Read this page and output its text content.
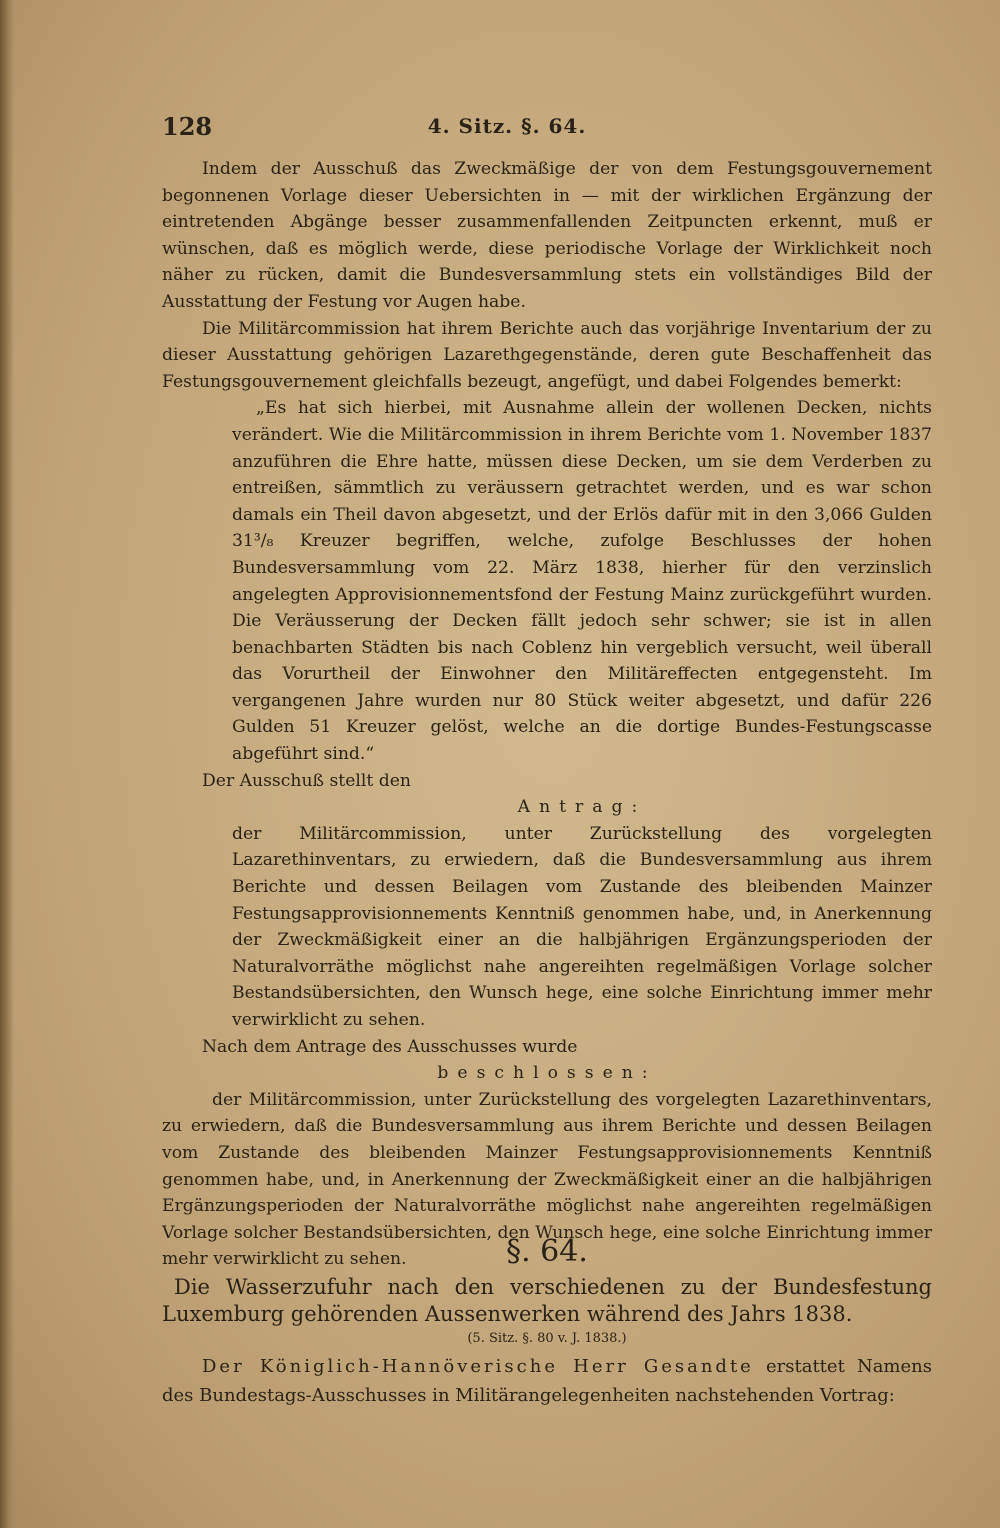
128	4. Sitz. §. 64.

Indem der Ausschuß das Zweckmäßige der von dem Festungsgouvernement begonnenen Vorlage dieser Uebersichten in — mit der wirklichen Ergänzung der eintretenden Abgänge besser zusammenfallenden Zeitpuncten erkennt, muß er wünschen, daß es möglich werde, diese periodische Vorlage der Wirklichkeit noch näher zu rücken, damit die Bundesversammlung stets ein vollständiges Bild der Ausstattung der Festung vor Augen habe.

Die Militärcommission hat ihrem Berichte auch das vorjährige Inventarium der zu dieser Ausstattung gehörigen Lazarethgegenstände, deren gute Beschaffenheit das Festungsgouvernement gleichfalls bezeugt, angefügt, und dabei Folgendes bemerkt:

„Es hat sich hierbei, mit Ausnahme allein der wollenen Decken, nichts verändert. Wie die Militärcommission in ihrem Berichte vom 1. November 1837 anzuführen die Ehre hatte, müssen diese Decken, um sie dem Verderben zu entreißen, sämmtlich zu veräussern getrachtet werden, und es war schon damals ein Theil davon abgesetzt, und der Erlös dafür mit in den 3,066 Gulden 31³/₈ Kreuzer begriffen, welche, zufolge Beschlusses der hohen Bundesversammlung vom 22. März 1838, hierher für den verzinslich angelegten Approvisionnementsfond der Festung Mainz zurückgeführt wurden. Die Veräusserung der Decken fällt jedoch sehr schwer; sie ist in allen benachbarten Städten bis nach Coblenz hin vergeblich versucht, weil überall das Vorurtheil der Einwohner den Militäreffecten entgegensteht. Im vergangenen Jahre wurden nur 80 Stück weiter abgesetzt, und dafür 226 Gulden 51 Kreuzer gelöst, welche an die dortige Bundes-Festungscasse abgeführt sind.“

Der Ausschuß stellt den

Antrag:

der Militärcommission, unter Zurückstellung des vorgelegten Lazarethinventars, zu erwiedern, daß die Bundesversammlung aus ihrem Berichte und dessen Beilagen vom Zustande des bleibenden Mainzer Festungsapprovisionnements Kenntniß genommen habe, und, in Anerkennung der Zweckmäßigkeit einer an die halbjährigen Ergänzungsperioden der Naturalvorräthe möglichst nahe angereihten regelmäßigen Vorlage solcher Bestandsübersichten, den Wunsch hege, eine solche Einrichtung immer mehr verwirklicht zu sehen.

Nach dem Antrage des Ausschusses wurde

beschlossen:

der Militärcommission, unter Zurückstellung des vorgelegten Lazarethinventars, zu erwiedern, daß die Bundesversammlung aus ihrem Berichte und dessen Beilagen vom Zustande des bleibenden Mainzer Festungsapprovisionnements Kenntniß genommen habe, und, in Anerkennung der Zweckmäßigkeit einer an die halbjährigen Ergänzungsperioden der Naturalvorräthe möglichst nahe angereihten regelmäßigen Vorlage solcher Bestandsübersichten, den Wunsch hege, eine solche Einrichtung immer mehr verwirklicht zu sehen.	§. 64.

Die Wasserzufuhr nach den verschiedenen zu der Bundesfestung Luxemburg gehörenden Aussenwerken während des Jahrs 1838.

(5. Sitz. §. 80 v. J. 1838.)

Der Königlich-Hannöverische Herr Gesandte erstattet Namens des Bundestags-Ausschusses in Militärangelegenheiten nachstehenden Vortrag:
